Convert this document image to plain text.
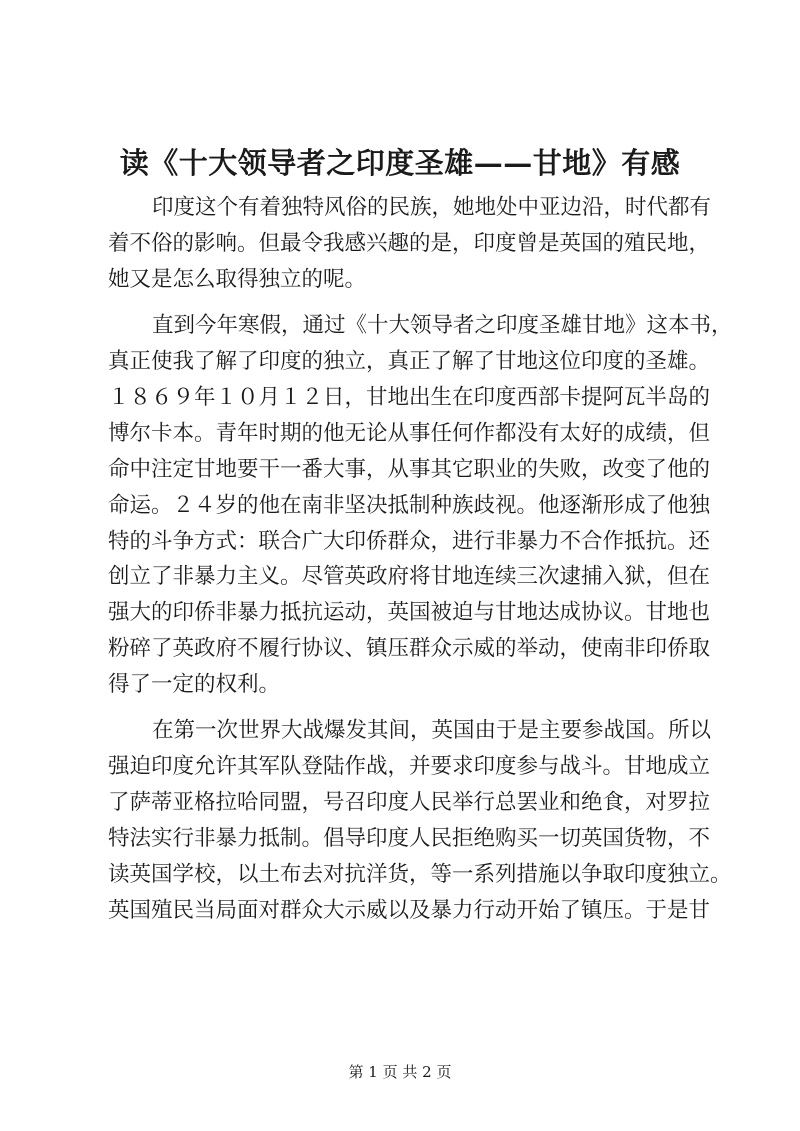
读《十大领导者之印度圣雄——甘地》有感
印度这个有着独特风俗的民族，她地处中亚边沿，时代都有
着不俗的影响。但最令我感兴趣的是，印度曾是英国的殖民地，
她又是怎么取得独立的呢。
直到今年寒假，通过《十大领导者之印度圣雄甘地》这本书，
真正使我了解了印度的独立，真正了解了甘地这位印度的圣雄。
１８６９年１０月１２日，甘地出生在印度西部卡提阿瓦半岛的
博尔卡本。青年时期的他无论从事任何作都没有太好的成绩，但
命中注定甘地要干一番大事，从事其它职业的失败，改变了他的
命运。２４岁的他在南非坚决抵制种族歧视。他逐渐形成了他独
特的斗争方式：联合广大印侨群众，进行非暴力不合作抵抗。还
创立了非暴力主义。尽管英政府将甘地连续三次逮捕入狱，但在
强大的印侨非暴力抵抗运动，英国被迫与甘地达成协议。甘地也
粉碎了英政府不履行协议、镇压群众示威的举动，使南非印侨取
得了一定的权利。
在第一次世界大战爆发其间，英国由于是主要参战国。所以
强迫印度允许其军队登陆作战，并要求印度参与战斗。甘地成立
了萨蒂亚格拉哈同盟，号召印度人民举行总罢业和绝食，对罗拉
特法实行非暴力抵制。倡导印度人民拒绝购买一切英国货物，不
读英国学校，以土布去对抗洋货，等一系列措施以争取印度独立。
英国殖民当局面对群众大示威以及暴力行动开始了镇压。于是甘
第 1 页 共 2 页
